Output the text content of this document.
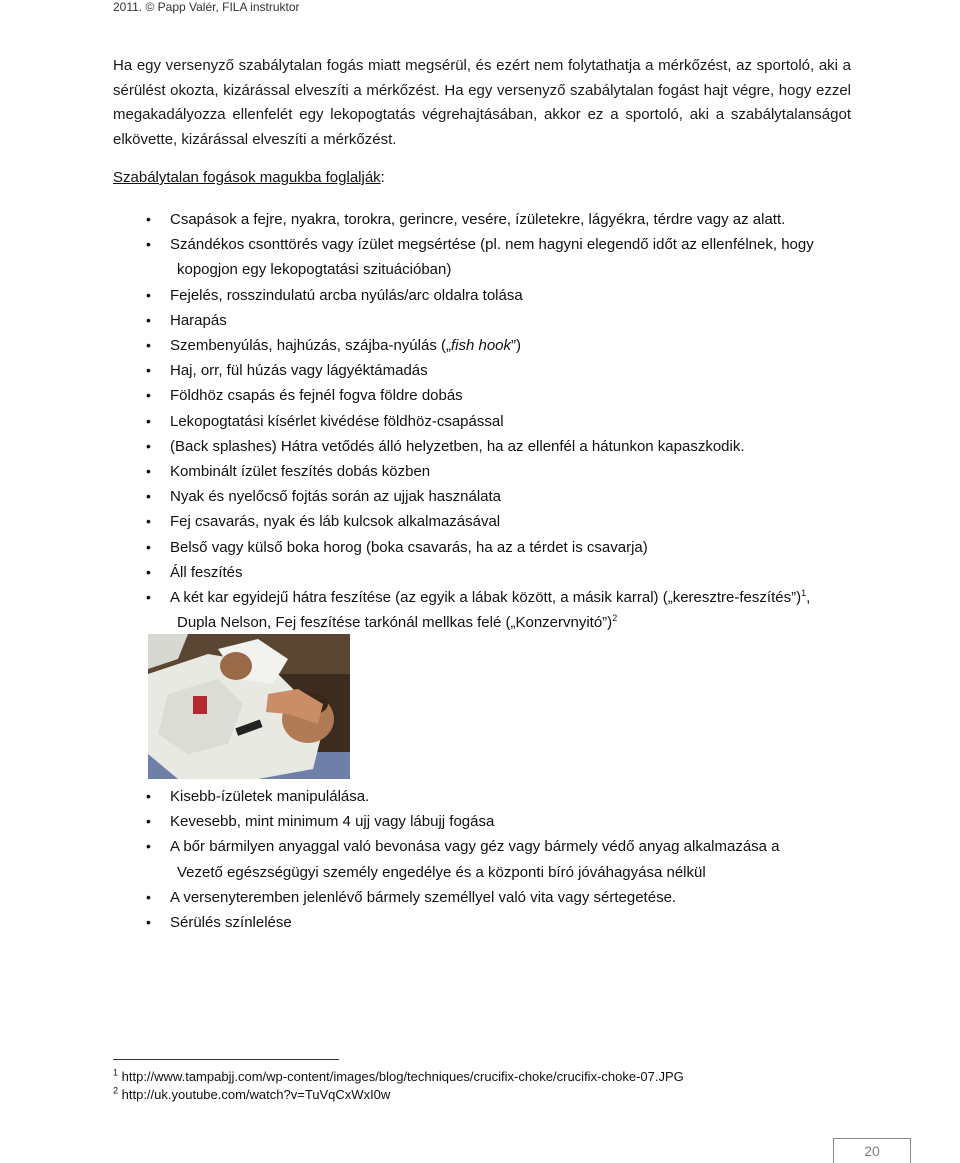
2011. © Papp Valér, FILA instruktor
Ha egy versenyző szabálytalan fogás miatt megsérül, és ezért nem folytathatja a mérkőzést, az sportoló, aki a sérülést okozta, kizárással elveszíti a mérkőzést. Ha egy versenyző szabálytalan fogást hajt végre, hogy ezzel megakadályozza ellenfelét egy lekopogtatás végrehajtásában, akkor ez a sportoló, aki a szabálytalanságot elkövette, kizárással elveszíti a mérkőzést.
Szabálytalan fogások magukba foglalják:
• Csapások a fejre, nyakra, torokra, gerincre, vesére, ízületekre, lágyékra, térdre vagy az alatt.
• Szándékos csonttörés vagy ízület megsértése (pl. nem hagyni elegendő időt az ellenfélnek, hogy
kopogjon egy lekopogtatási szituációban)
• Fejelés, rosszindulatú arcba nyúlás/arc oldalra tolása
• Harapás
• Szembenyúlás, hajhúzás, szájba-nyúlás („fish hook”)
• Haj, orr, fül húzás vagy lágyéktámadás
• Földhöz csapás és fejnél fogva földre dobás
• Lekopogtatási kísérlet kivédése földhöz-csapással
• (Back splashes) Hátra vetődés álló helyzetben, ha az ellenfél a hátunkon kapaszkodik.
• Kombinált ízület feszítés dobás közben
• Nyak és nyelőcső fojtás során az ujjak használata
• Fej csavarás, nyak és láb kulcsok alkalmazásával
• Belső vagy külső boka horog (boka csavarás, ha az a térdet is csavarja)
• Áll feszítés
• A két kar egyidejű hátra feszítése (az egyik a lábak között, a másik karral) („keresztre-feszítés”)$^1$,
Dupla Nelson, Fej feszítése tarkónál mellkas felé („Konzervnyitó”)$^2$
• Kisebb-ízületek manipulálása.
• Kevesebb, mint minimum 4 ujj vagy lábujj fogása
• A bőr bármilyen anyaggal való bevonása vagy géz vagy bármely védő anyag alkalmazása a
Vezető egészségügyi személy engedélye és a központi bíró jóváhagyása nélkül
• A versenyteremben jelenlévő bármely személlyel való vita vagy sértegetése.
• Sérülés színlelése
$^1$ http://www.tampabjj.com/wp-content/images/blog/techniques/crucifix-choke/crucifix-choke-07.JPG
$^2$ http://uk.youtube.com/watch?v=TuVqCxWxI0w
20
